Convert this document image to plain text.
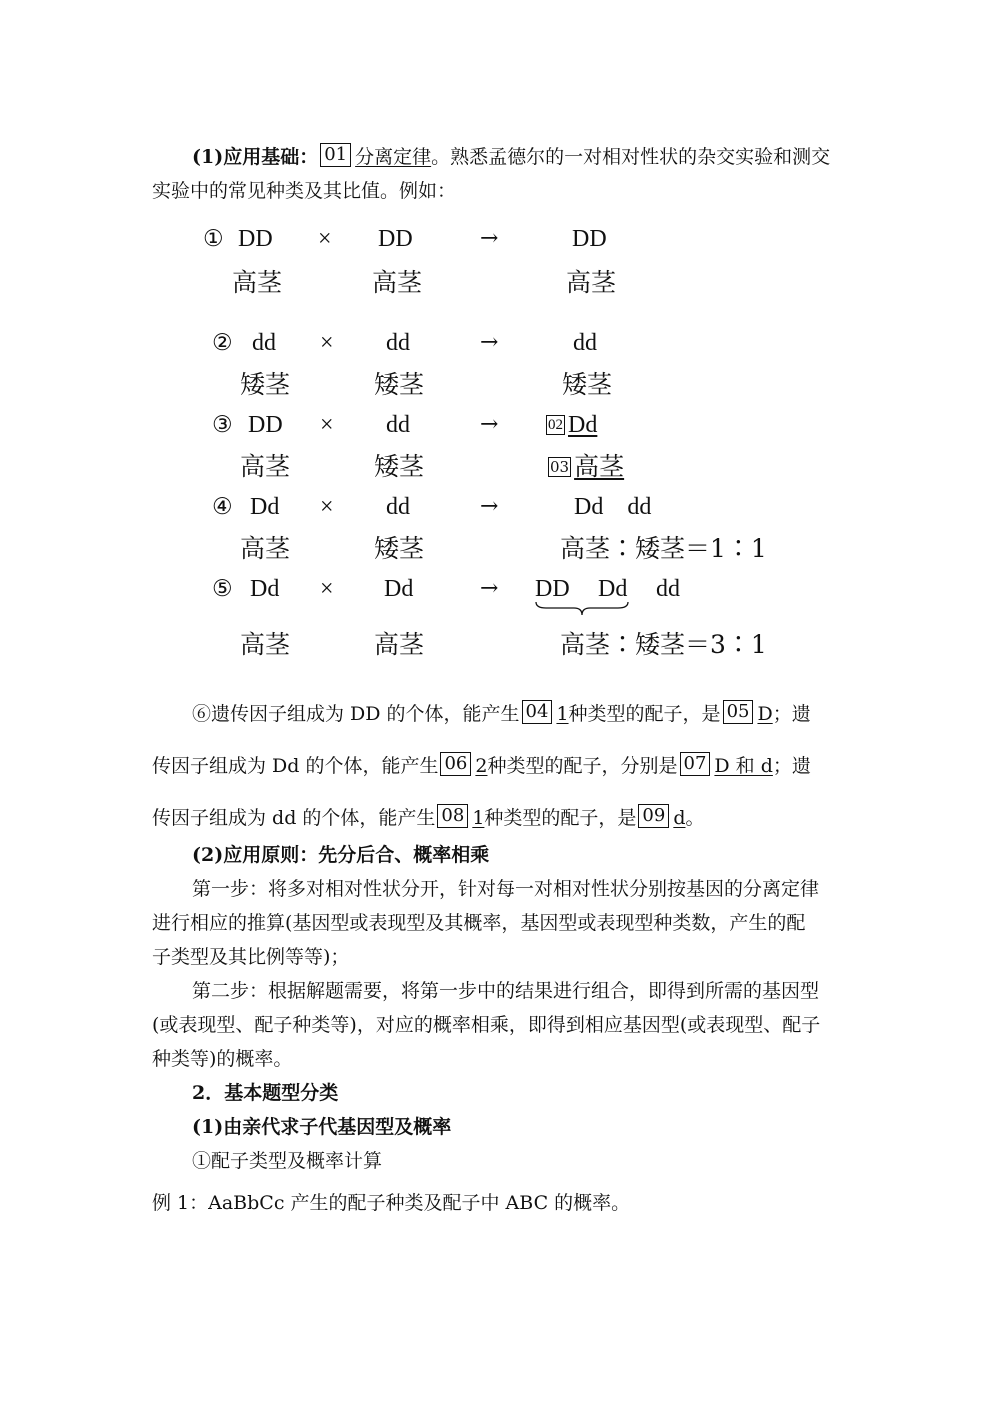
(1)应用基础： 01 分离定律。熟悉孟德尔的一对相对性状的杂交实验和测交
实验中的常见种类及其比值。例如：
① DD × DD	→	DD
高茎	高茎	高茎
② dd × dd	→	dd
矮茎	矮茎	矮茎
③ DD × dd	→	02 Dd
高茎	矮茎	03 高茎
④ Dd × dd	→	Dd    dd
高茎	矮茎	高茎∶矮茎＝1∶1
⑤ Dd × Dd	→ DD Dd dd
高茎	高茎	高茎∶矮茎＝3∶1
⑥遗传因子组成为 DD 的个体，能产生 04 1种类型的配子，是 05 D；遗
传因子组成为 Dd 的个体，能产生 06 2种类型的配子，分别是 07 D 和 d；遗
传因子组成为 dd 的个体，能产生 08 1种类型的配子，是 09 d。
(2)应用原则：先分后合、概率相乘
第一步：将多对相对性状分开，针对每一对相对性状分别按基因的分离定律
进行相应的推算(基因型或表现型及其概率，基因型或表现型种类数，产生的配
子类型及其比例等等)；
第二步：根据解题需要，将第一步中的结果进行组合，即得到所需的基因型
(或表现型、配子种类等)，对应的概率相乘，即得到相应基因型(或表现型、配子
种类等)的概率。
2．基本题型分类
(1)由亲代求子代基因型及概率
①配子类型及概率计算
例 1：AaBbCc 产生的配子种类及配子中 ABC 的概率。
